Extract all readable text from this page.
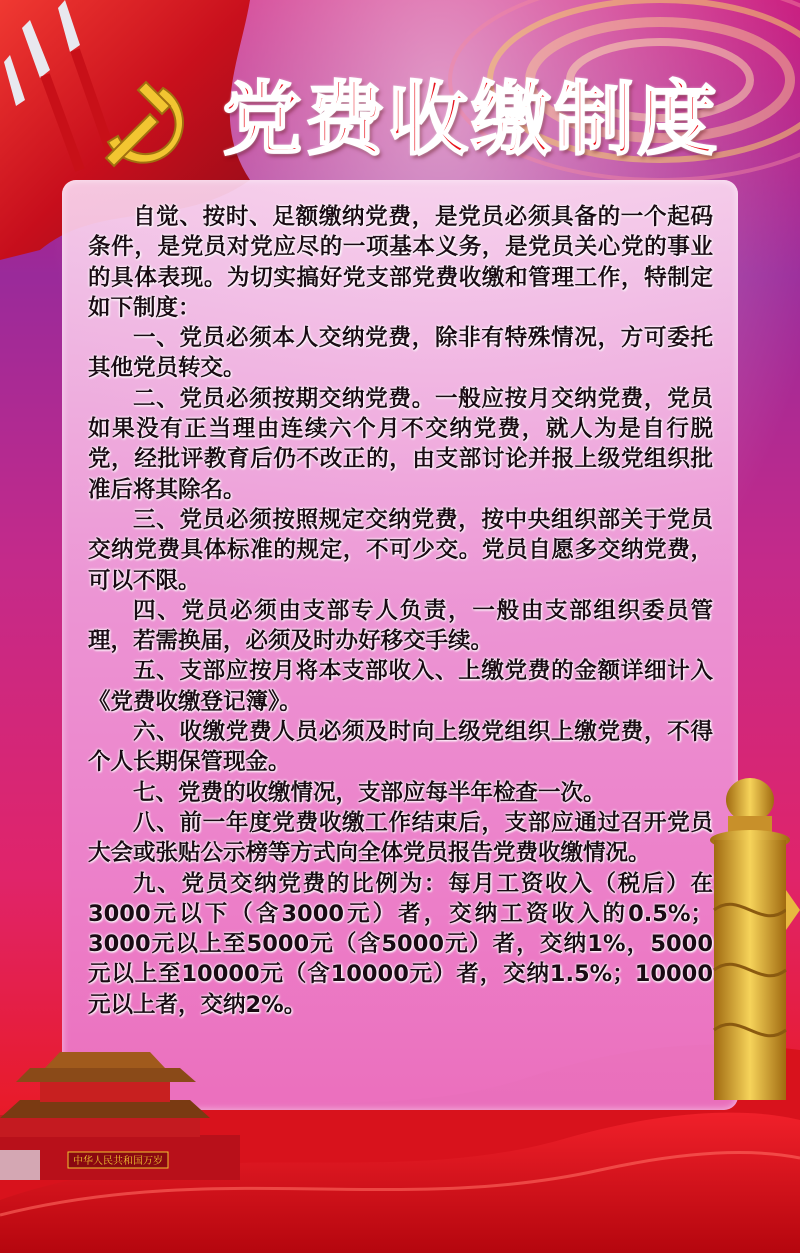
党费收缴制度

自觉、按时、足额缴纳党费，是党员必须具备的一个起码条件，是党员对党应尽的一项基本义务，是党员关心党的事业的具体表现。为切实搞好党支部党费收缴和管理工作，特制定如下制度：

一、党员必须本人交纳党费，除非有特殊情况，方可委托其他党员转交。

二、党员必须按期交纳党费。一般应按月交纳党费，党员如果没有正当理由连续六个月不交纳党费，就人为是自行脱党，经批评教育后仍不改正的，由支部讨论并报上级党组织批准后将其除名。

三、党员必须按照规定交纳党费，按中央组织部关于党员交纳党费具体标准的规定，不可少交。党员自愿多交纳党费，可以不限。

四、党员必须由支部专人负责，一般由支部组织委员管理，若需换届，必须及时办好移交手续。

五、支部应按月将本支部收入、上缴党费的金额详细计入《党费收缴登记簿》。

六、收缴党费人员必须及时向上级党组织上缴党费，不得个人长期保管现金。

七、党费的收缴情况，支部应每半年检查一次。

八、前一年度党费收缴工作结束后，支部应通过召开党员大会或张贴公示榜等方式向全体党员报告党费收缴情况。

九、党员交纳党费的比例为：每月工资收入（税后）在3000元以下（含3000元）者，交纳工资收入的0.5%；3000元以上至5000元（含5000元）者，交纳1%，5000元以上至10000元（含10000元）者，交纳1.5%；10000元以上者，交纳2%。

中华人民共和国万岁
